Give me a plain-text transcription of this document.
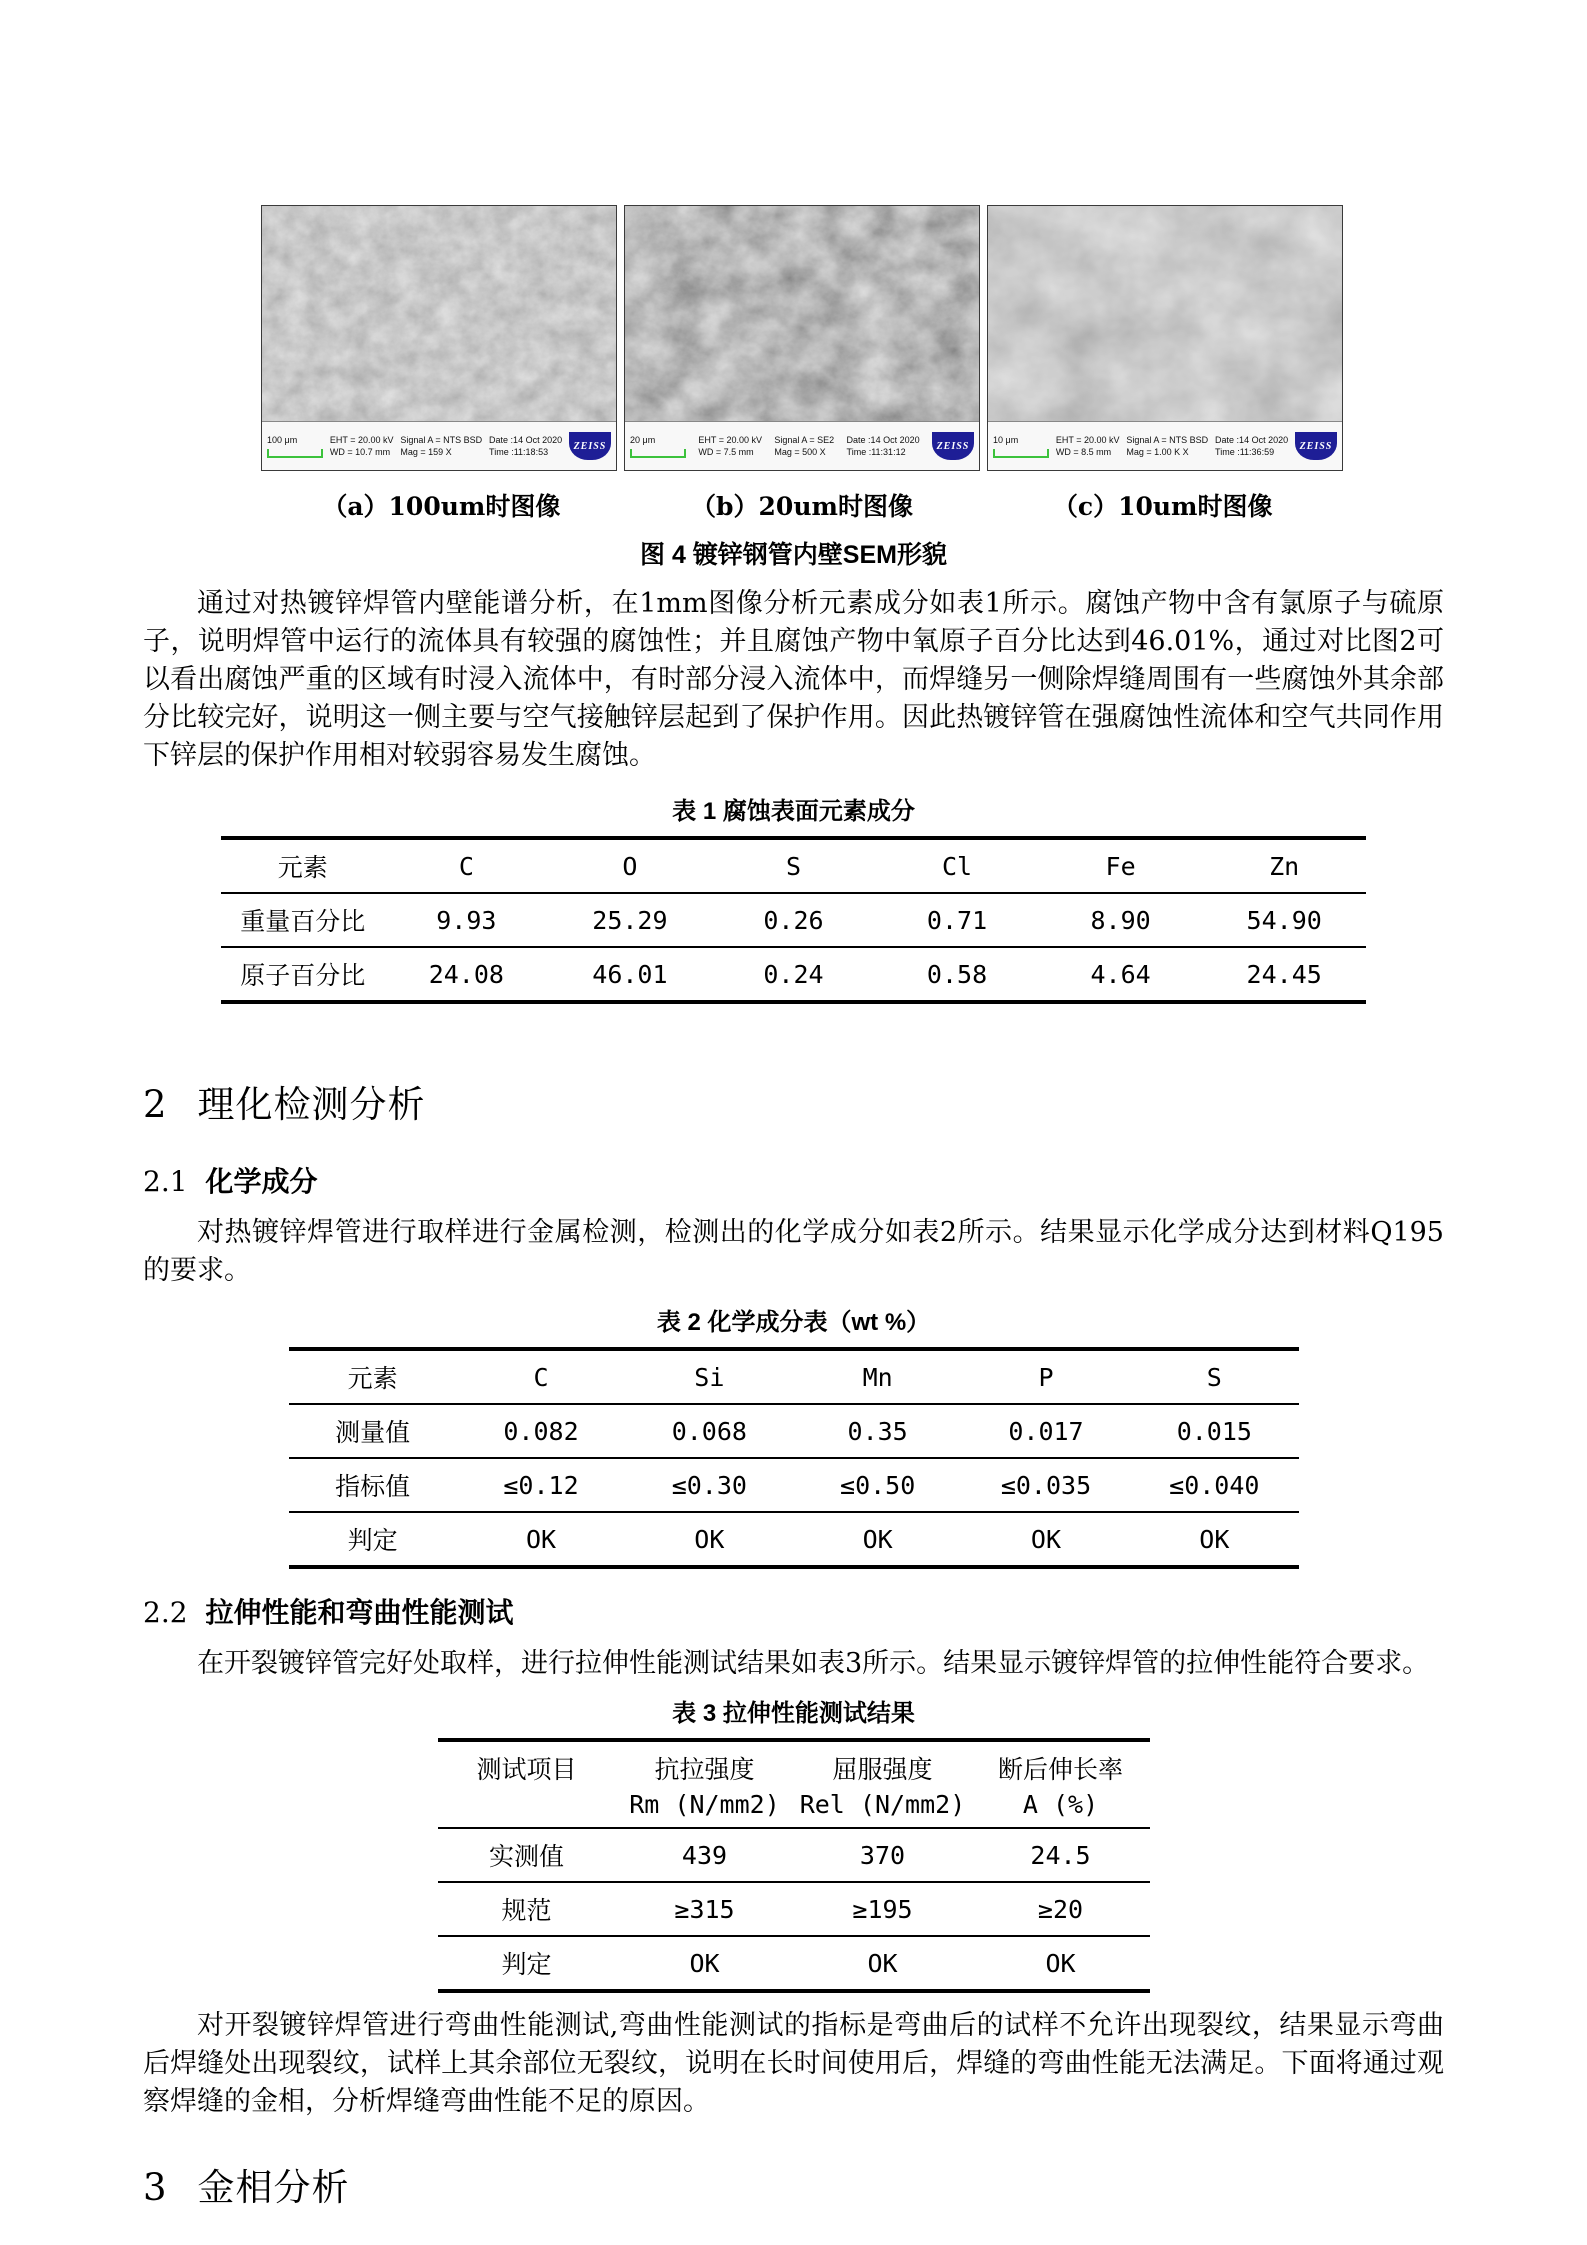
100 μm	EHT = 20.00 kV
WD = 10.7 mm
Signal A = NTS BSD
Mag = 159 X
Date :14 Oct 2020
Time :11:18:53
ZEISS
20 μm	EHT = 20.00 kV
WD = 7.5 mm
Signal A = SE2
Mag = 500 X
Date :14 Oct 2020
Time :11:31:12
ZEISS
10 μm	EHT = 20.00 kV
WD = 8.5 mm
Signal A = NTS BSD
Mag = 1.00 K X
Date :14 Oct 2020
Time :11:36:59
ZEISS
（a）100um时图像	（b）20um时图像	（c）10um时图像
图 4 镀锌钢管内壁SEM形貌

通过对热镀锌焊管内壁能谱分析，在1mm图像分析元素成分如表1所示。腐蚀产物中含有氯原子与硫原子，说明焊管中运行的流体具有较强的腐蚀性；并且腐蚀产物中氧原子百分比达到46.01%，通过对比图2可以看出腐蚀严重的区域有时浸入流体中，有时部分浸入流体中，而焊缝另一侧除焊缝周围有一些腐蚀外其余部分比较完好，说明这一侧主要与空气接触锌层起到了保护作用。因此热镀锌管在强腐蚀性流体和空气共同作用下锌层的保护作用相对较弱容易发生腐蚀。

表 1 腐蚀表面元素成分
元素	C	O	S	Cl	Fe	Zn
重量百分比	9.93	25.29	0.26	0.71	8.90	54.90
原子百分比	24.08	46.01	0.24	0.58	4.64	24.45
2 理化检测分析
2.1 化学成分

对热镀锌焊管进行取样进行金属检测，检测出的化学成分如表2所示。结果显示化学成分达到材料Q195的要求。

表 2 化学成分表（wt %）
元素	C	Si	Mn	P	S
测量值	0.082	0.068	0.35	0.017	0.015
指标值	≤0.12	≤0.30	≤0.50	≤0.035	≤0.040
判定	OK	OK	OK	OK	OK
2.2 拉伸性能和弯曲性能测试

在开裂镀锌管完好处取样，进行拉伸性能测试结果如表3所示。结果显示镀锌焊管的拉伸性能符合要求。

表 3 拉伸性能测试结果
测试项目	抗拉强度	屈服强度	断后伸长率
	Rm (N/mm2)	Rel (N/mm2)	A (%)
实测值	439	370	24.5
规范	≥315	≥195	≥20
判定	OK	OK	OK

对开裂镀锌焊管进行弯曲性能测试,弯曲性能测试的指标是弯曲后的试样不允许出现裂纹，结果显示弯曲后焊缝处出现裂纹，试样上其余部位无裂纹，说明在长时间使用后，焊缝的弯曲性能无法满足。下面将通过观察焊缝的金相，分析焊缝弯曲性能不足的原因。

3 金相分析
